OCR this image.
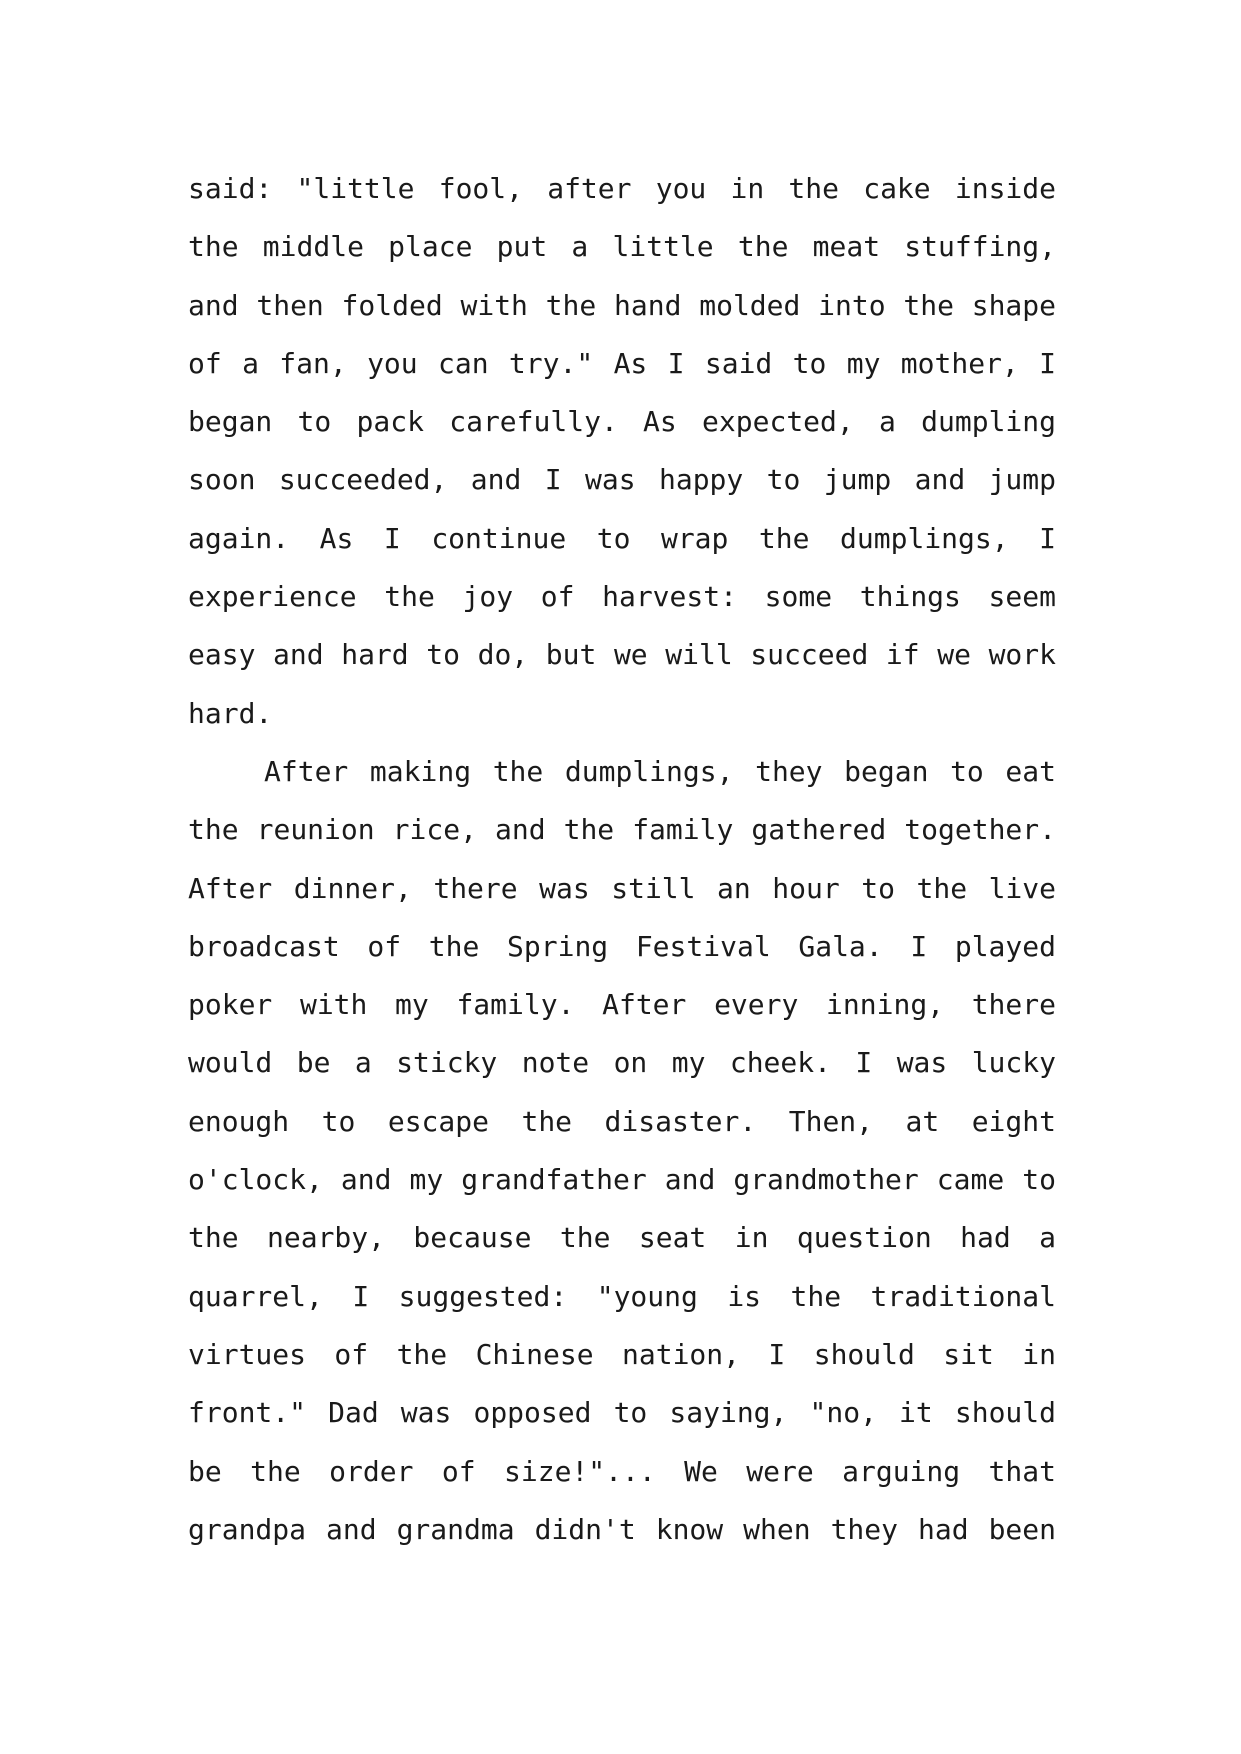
said: "little fool, after you in the cake inside
the middle place put a little the meat stuffing,
and then folded with the hand molded into the shape
of a fan, you can try." As I said to my mother, I
began to pack carefully. As expected, a dumpling
soon succeeded, and I was happy to jump and jump
again. As I continue to wrap the dumplings, I
experience the joy of harvest: some things seem
easy and hard to do, but we will succeed if we work
hard.
After making the dumplings, they began to eat
the reunion rice, and the family gathered together.
After dinner, there was still an hour to the live
broadcast of the Spring Festival Gala. I played
poker with my family. After every inning, there
would be a sticky note on my cheek. I was lucky
enough to escape the disaster. Then, at eight
o'clock, and my grandfather and grandmother came to
the nearby, because the seat in question had a
quarrel, I suggested: "young is the traditional
virtues of the Chinese nation, I should sit in
front." Dad was opposed to saying, "no, it should
be the order of size!"... We were arguing that
grandpa and grandma didn't know when they had been
